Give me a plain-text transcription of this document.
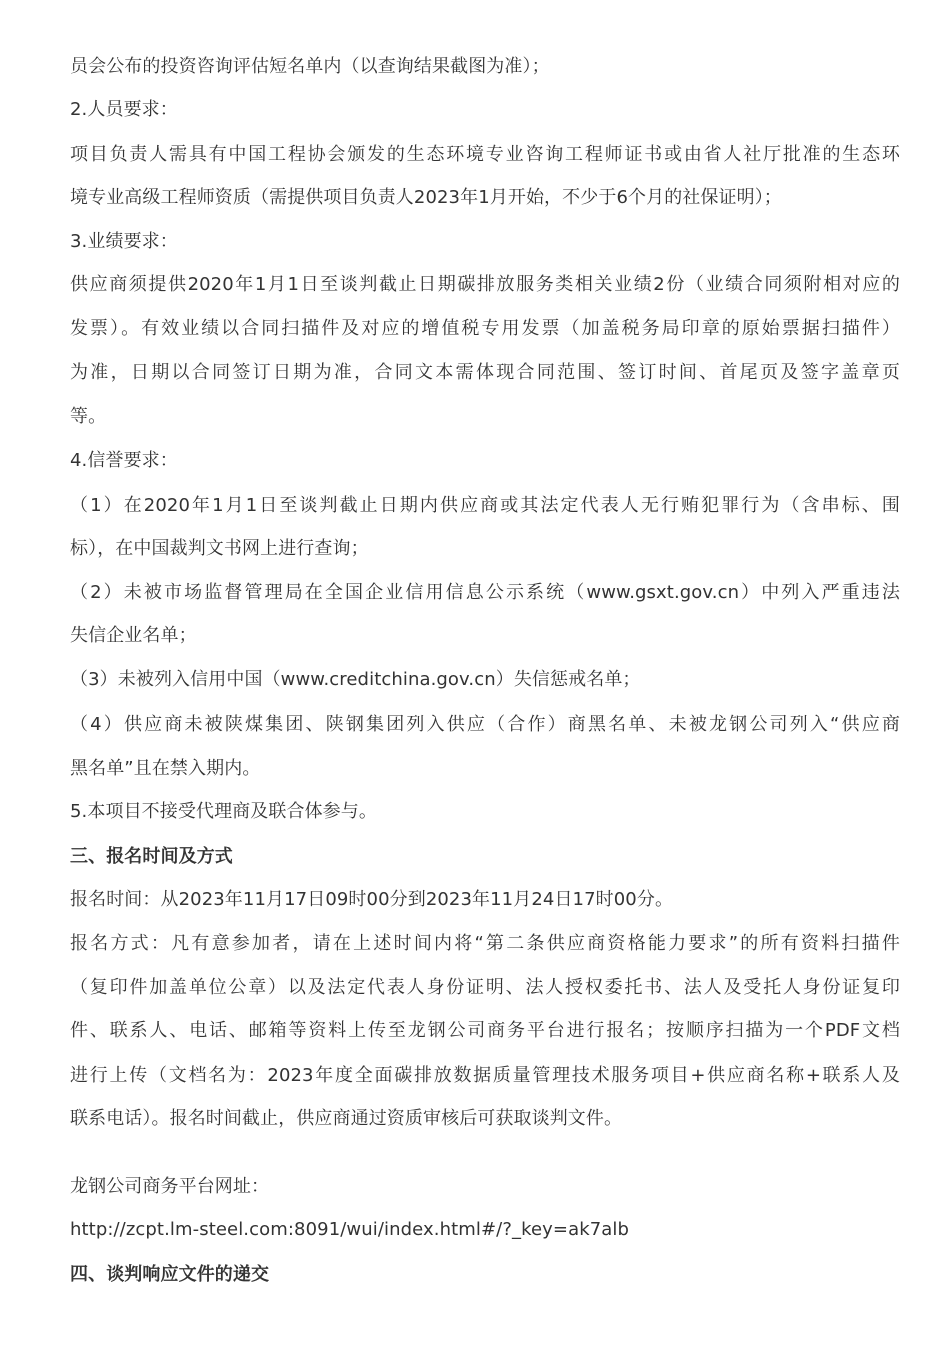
员会公布的投资咨询评估短名单内（以查询结果截图为准）；
2.人员要求：
项目负责人需具有中国工程协会颁发的生态环境专业咨询工程师证书或由省人社厅批准的生态环
境专业高级工程师资质（需提供项目负责人2023年1月开始，不少于6个月的社保证明）；
3.业绩要求：
供应商须提供2020年1月1日至谈判截止日期碳排放服务类相关业绩2份（业绩合同须附相对应的
发票）。有效业绩以合同扫描件及对应的增值税专用发票（加盖税务局印章的原始票据扫描件）
为准，日期以合同签订日期为准，合同文本需体现合同范围、签订时间、首尾页及签字盖章页
等。
4.信誉要求：
（1）在2020年1月1日至谈判截止日期内供应商或其法定代表人无行贿犯罪行为（含串标、围
标），在中国裁判文书网上进行查询；
（2）未被市场监督管理局在全国企业信用信息公示系统（www.gsxt.gov.cn）中列入严重违法
失信企业名单；
（3）未被列入信用中国（www.creditchina.gov.cn）失信惩戒名单；
（4）供应商未被陕煤集团、陕钢集团列入供应（合作）商黑名单、未被龙钢公司列入“供应商
黑名单”且在禁入期内。
5.本项目不接受代理商及联合体参与。
三、报名时间及方式
报名时间：从2023年11月17日09时00分到2023年11月24日17时00分。
报名方式：凡有意参加者，请在上述时间内将“第二条供应商资格能力要求”的所有资料扫描件
（复印件加盖单位公章）以及法定代表人身份证明、法人授权委托书、法人及受托人身份证复印
件、联系人、电话、邮箱等资料上传至龙钢公司商务平台进行报名；按顺序扫描为一个PDF文档
进行上传（文档名为：2023年度全面碳排放数据质量管理技术服务项目+供应商名称+联系人及
联系电话）。报名时间截止，供应商通过资质审核后可获取谈判文件。
龙钢公司商务平台网址：
http://zcpt.lm-steel.com:8091/wui/index.html#/?_key=ak7alb
四、谈判响应文件的递交
